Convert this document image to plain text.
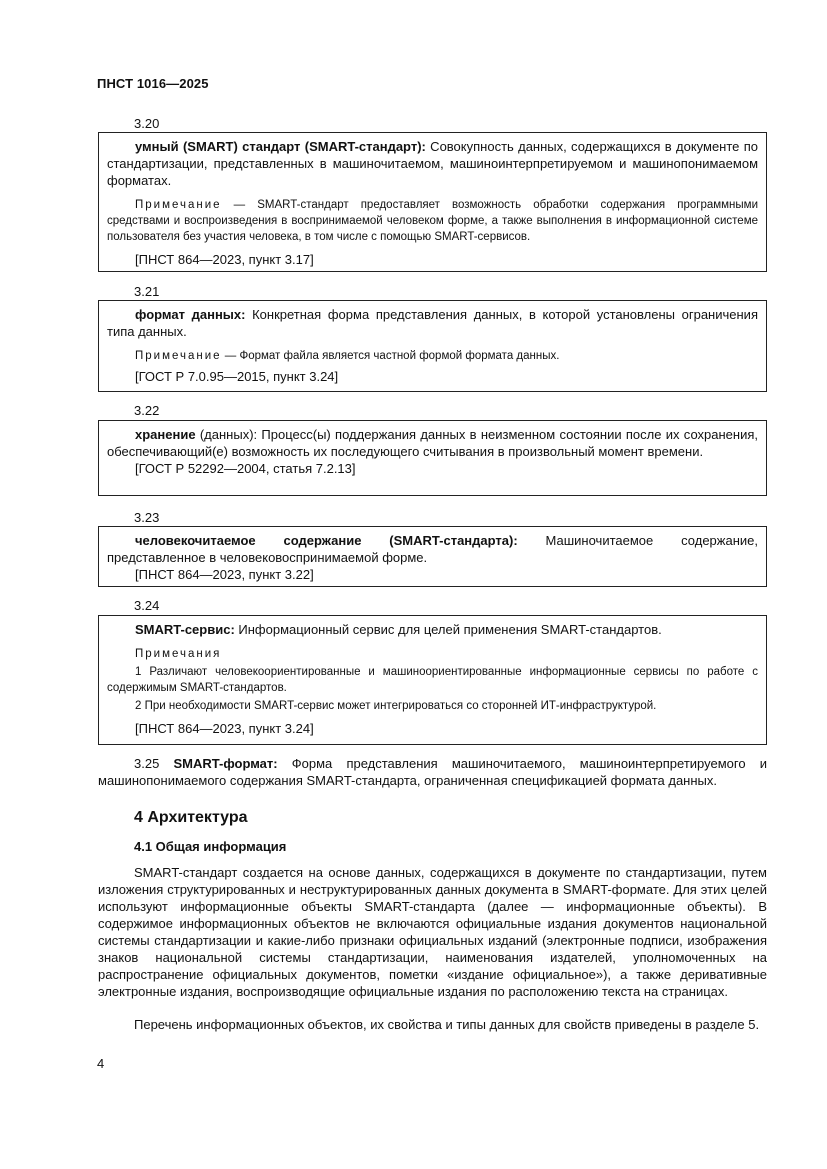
ПНСТ 1016—2025
3.20

умный (SMART) стандарт (SMART-стандарт): Совокупность данных, содержащихся в документе по стандартизации, представленных в машиночитаемом, машиноинтерпретируемом и машинопонимаемом форматах.

Примечание — SMART-стандарт предоставляет возможность обработки содержания программными средствами и воспроизведения в воспринимаемой человеком форме, а также выполнения в информационной системе пользователя без участия человека, в том числе с помощью SMART-сервисов.

[ПНСТ 864—2023, пункт 3.17]

3.21

формат данных: Конкретная форма представления данных, в которой установлены ограничения типа данных.

Примечание — Формат файла является частной формой формата данных.

[ГОСТ Р 7.0.95—2015, пункт 3.24]

3.22

хранение (данных): Процесс(ы) поддержания данных в неизменном состоянии после их сохранения, обеспечивающий(е) возможность их последующего считывания в произвольный момент времени.

[ГОСТ Р 52292—2004, статья 7.2.13]

3.23

человекочитаемое содержание (SMART-стандарта): Машиночитаемое содержание, представленное в человековоспринимаемой форме.

[ПНСТ 864—2023, пункт 3.22]

3.24

SMART-сервис: Информационный сервис для целей применения SMART-стандартов.

Примечания

1 Различают человекоориентированные и машиноориентированные информационные сервисы по работе с содержимым SMART-стандартов.

2 При необходимости SMART-сервис может интегрироваться со сторонней ИТ-инфраструктурой.

[ПНСТ 864—2023, пункт 3.24]

3.25 SMART-формат: Форма представления машиночитаемого, машиноинтерпретируемого и машинопонимаемого содержания SMART-стандарта, ограниченная спецификацией формата данных.

4 Архитектура
4.1 Общая информация

SMART-стандарт создается на основе данных, содержащихся в документе по стандартизации, путем изложения структурированных и неструктурированных данных документа в SMART-формате. Для этих целей используют информационные объекты SMART-стандарта (далее — информационные объекты). В содержимое информационных объектов не включаются официальные издания документов национальной системы стандартизации и какие-либо признаки официальных изданий (электронные подписи, изображения знаков национальной системы стандартизации, наименования издателей, уполномоченных на распространение официальных документов, пометки «издание официальное»), а также деривативные электронные издания, воспроизводящие официальные издания по расположению текста на страницах.

Перечень информационных объектов, их свойства и типы данных для свойств приведены в разделе 5.

4
